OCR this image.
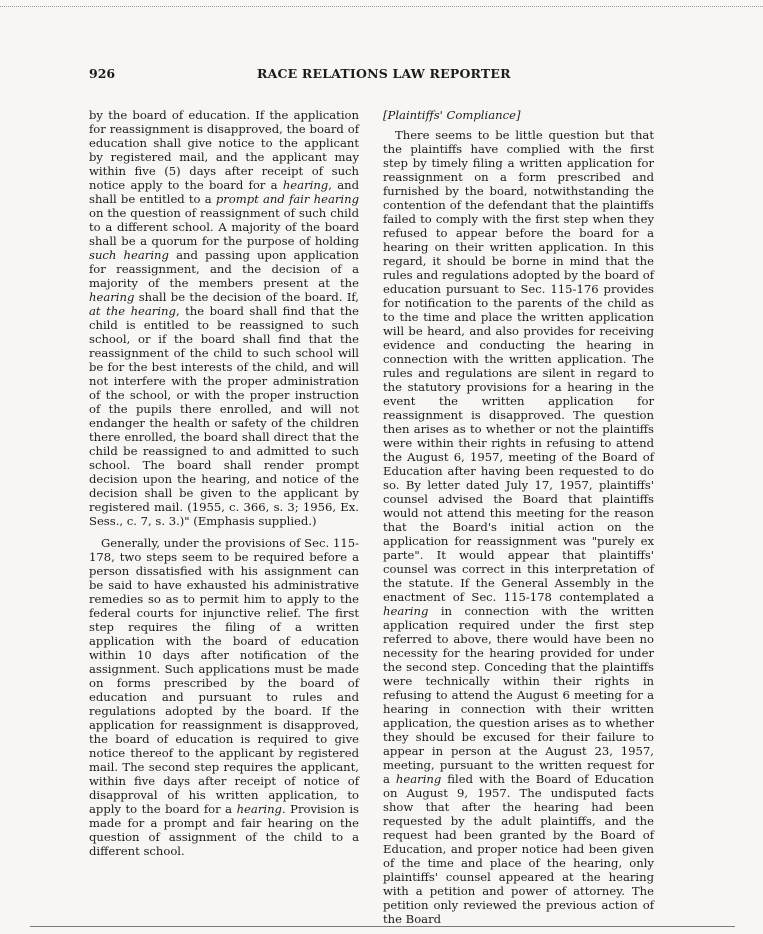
926	RACE RELATIONS LAW REPORTER

by the board of education. If the application for reassignment is disapproved, the board of education shall give notice to the applicant by registered mail, and the applicant may within five (5) days after receipt of such notice apply to the board for a hearing, and shall be entitled to a prompt and fair hearing on the question of reassignment of such child to a different school. A majority of the board shall be a quorum for the purpose of holding such hearing and passing upon application for reassignment, and the decision of a majority of the members present at the hearing shall be the decision of the board. If, at the hearing, the board shall find that the child is entitled to be reassigned to such school, or if the board shall find that the reassignment of the child to such school will be for the best interests of the child, and will not interfere with the proper administration of the school, or with the proper instruction of the pupils there enrolled, and will not endanger the health or safety of the children there enrolled, the board shall direct that the child be reassigned to and admitted to such school. The board shall render prompt decision upon the hearing, and notice of the decision shall be given to the applicant by registered mail. (1955, c. 366, s. 3; 1956, Ex. Sess., c. 7, s. 3.)" (Emphasis supplied.)

Generally, under the provisions of Sec. 115-178, two steps seem to be required before a person dissatisfied with his assignment can be said to have exhausted his administrative remedies so as to permit him to apply to the federal courts for injunctive relief. The first step requires the filing of a written application with the board of education within 10 days after notification of the assignment. Such applications must be made on forms prescribed by the board of education and pursuant to rules and regulations adopted by the board. If the application for reassignment is disapproved, the board of education is required to give notice thereof to the applicant by registered mail. The second step requires the applicant, within five days after receipt of notice of disapproval of his written application, to apply to the board for a hearing. Provision is made for a prompt and fair hearing on the question of assignment of the child to a different school.

[Plaintiffs' Compliance]

There seems to be little question but that the plaintiffs have complied with the first step by timely filing a written application for reassignment on a form prescribed and furnished by the board, notwithstanding the contention of the defendant that the plaintiffs failed to comply with the first step when they refused to appear before the board for a hearing on their written application. In this regard, it should be borne in mind that the rules and regulations adopted by the board of education pursuant to Sec. 115-176 provides for notification to the parents of the child as to the time and place the written application will be heard, and also provides for receiving evidence and conducting the hearing in connection with the written application. The rules and regulations are silent in regard to the statutory provisions for a hearing in the event the written application for reassignment is disapproved. The question then arises as to whether or not the plaintiffs were within their rights in refusing to attend the August 6, 1957, meeting of the Board of Education after having been requested to do so. By letter dated July 17, 1957, plaintiffs' counsel advised the Board that plaintiffs would not attend this meeting for the reason that the Board's initial action on the application for reassignment was "purely ex parte". It would appear that plaintiffs' counsel was correct in this interpretation of the statute. If the General Assembly in the enactment of Sec. 115-178 contemplated a hearing in connection with the written application required under the first step referred to above, there would have been no necessity for the hearing provided for under the second step. Conceding that the plaintiffs were technically within their rights in refusing to attend the August 6 meeting for a hearing in connection with their written application, the question arises as to whether they should be excused for their failure to appear in person at the August 23, 1957, meeting, pursuant to the written request for a hearing filed with the Board of Education on August 9, 1957. The undisputed facts show that after the hearing had been requested by the adult plaintiffs, and the request had been granted by the Board of Education, and proper notice had been given of the time and place of the hearing, only plaintiffs' counsel appeared at the hearing with a petition and power of attorney. The petition only reviewed the previous action of the Board
